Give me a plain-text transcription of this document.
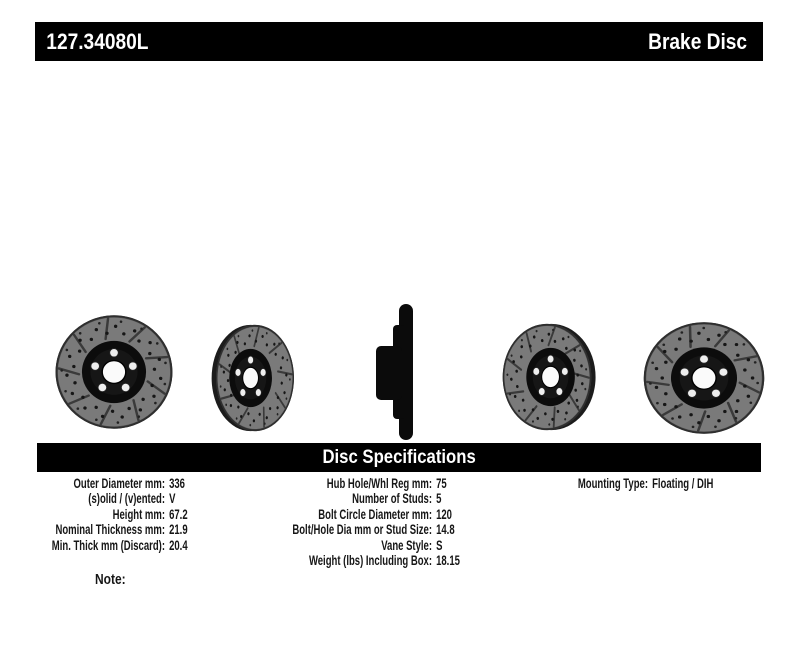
127.34080L	Brake Disc
Disc Specifications
Outer Diameter mm: 336
(s)olid / (v)ented: V
Height mm: 67.2
Nominal Thickness mm: 21.9
Min. Thick mm (Discard): 20.4
Hub Hole/Whl Reg mm: 75
Number of Studs: 5
Bolt Circle Diameter mm: 120
Bolt/Hole Dia mm or Stud Size: 14.8
Vane Style: S
Weight (lbs) Including Box: 18.15
Mounting Type: Floating / DIH
Note:
